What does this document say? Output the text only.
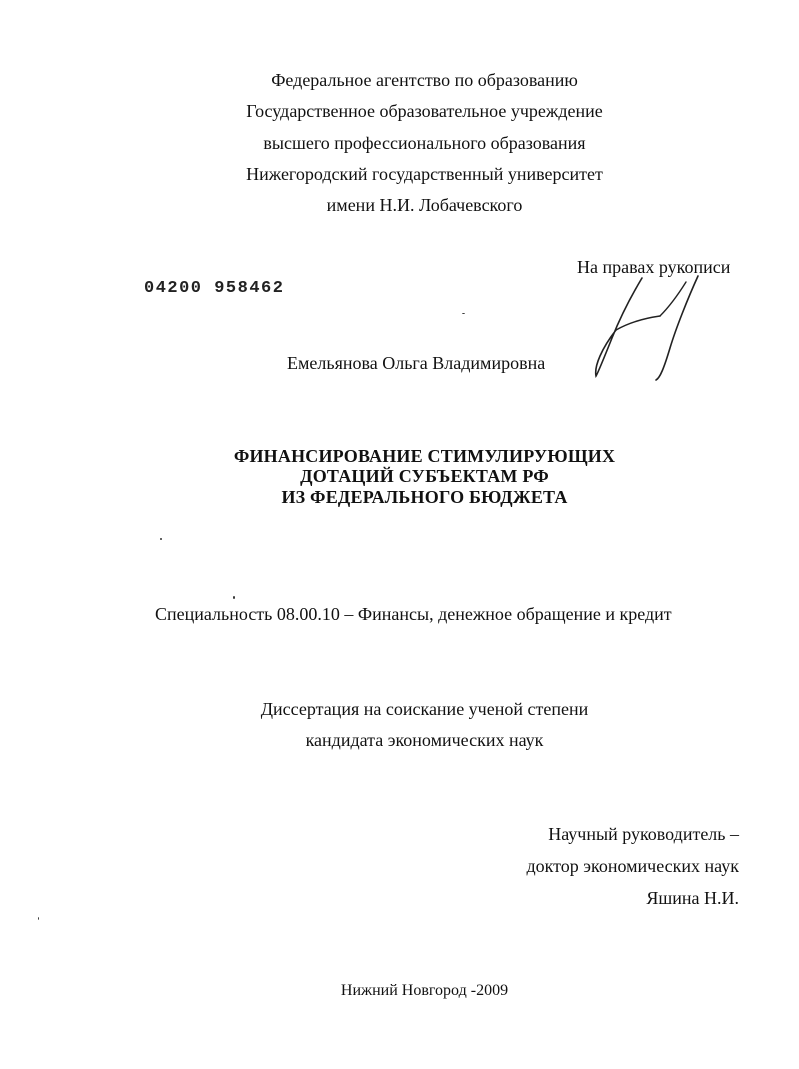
Федеральное агентство по образованию
Государственное образовательное учреждение
высшего профессионального образования
Нижегородский государственный университет
имени Н.И. Лобачевского
На правах рукописи
04200 958462
Емельянова Ольга Владимировна
ФИНАНСИРОВАНИЕ СТИМУЛИРУЮЩИХ
ДОТАЦИЙ СУБЪЕКТАМ РФ
ИЗ ФЕДЕРАЛЬНОГО БЮДЖЕТА
Специальность 08.00.10 – Финансы, денежное обращение и кредит
Диссертация на соискание ученой степени
кандидата экономических наук
Научный руководитель –
доктор экономических наук
Яшина Н.И.
Нижний Новгород -2009
